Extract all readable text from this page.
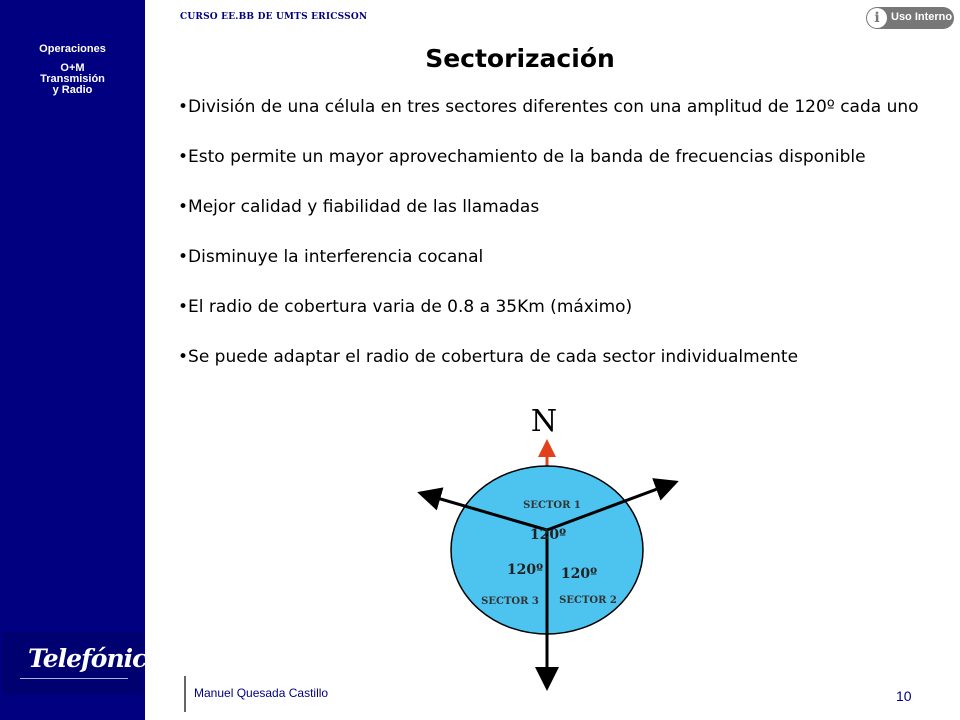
Operaciones
O+M
Transmisión
y Radio
Telefónica
CURSO EE.BB DE UMTS ERICSSON	i	Uso Interno
Sectorización
• División de una célula en tres sectores diferentes con una amplitud de 120º cada uno
• Esto permite un mayor aprovechamiento de la banda de frecuencias disponible
• Mejor calidad y fiabilidad de las llamadas
• Disminuye la interferencia cocanal
• El radio de cobertura varia de 0.8 a 35Km (máximo)
• Se puede adaptar el radio de cobertura de cada sector individualmente
N
SECTOR 1
120º
120º 120º
SECTOR 3 SECTOR 2
Manuel Quesada Castillo	10
